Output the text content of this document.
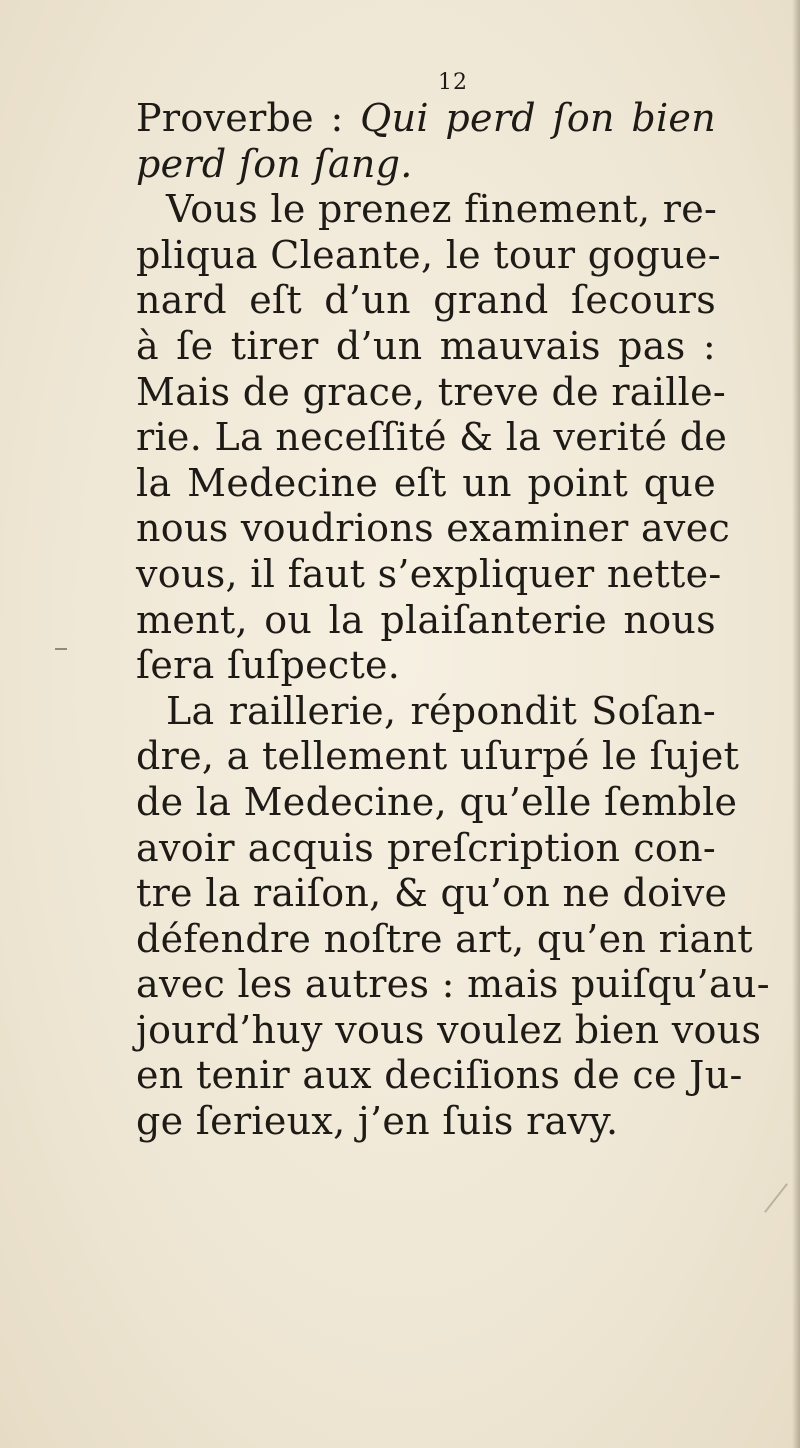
12
Proverbe : Qui perd ſon bien
perd ſon ſang.
Vous le prenez finement, re-
pliqua Cleante, le tour gogue-
nard eſt d’un grand ſecours
à ſe tirer d’un mauvais pas :
Mais de grace, treve de raille-
rie. La neceſſité & la verité de
la Medecine eſt un point que
nous voudrions examiner avec
vous, il faut s’expliquer nette-
ment, ou la plaiſanterie nous
ſera ſuſpecte.
La raillerie, répondit Soſan-
dre, a tellement uſurpé le ſujet
de la Medecine, qu’elle ſemble
avoir acquis preſcription con-
tre la raiſon, & qu’on ne doive
défendre noſtre art, qu’en riant
avec les autres : mais puiſqu’au-
jourd’huy vous voulez bien vous
en tenir aux deciſions de ce Ju-
ge ſerieux, j’en ſuis ravy.
